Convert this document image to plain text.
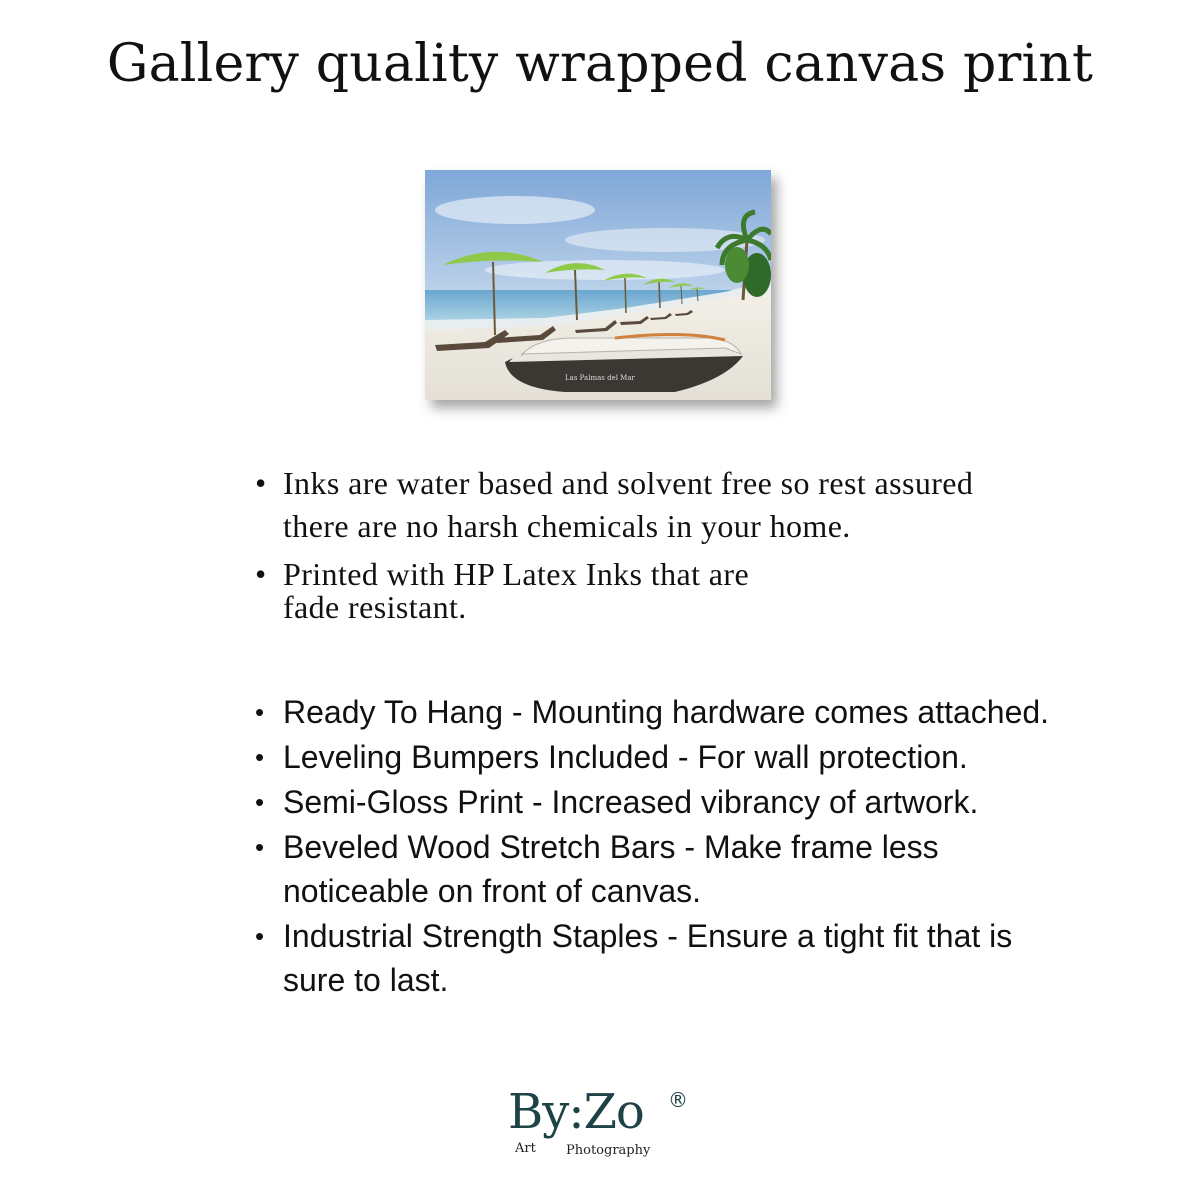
Gallery quality wrapped canvas print
Las Palmas del Mar
• Inks are water based and solvent free so rest assured there are no harsh chemicals in your home.
• Printed with HP Latex Inks that are
fade resistant.
• Ready To Hang - Mounting hardware comes attached.
• Leveling Bumpers Included - For wall protection.
• Semi-Gloss Print - Increased vibrancy of artwork.
• Beveled Wood Stretch Bars - Make frame less noticeable on front of canvas.
• Industrial Strength Staples - Ensure a tight fit that is sure to last.
By:Zo ®
Art Photography
